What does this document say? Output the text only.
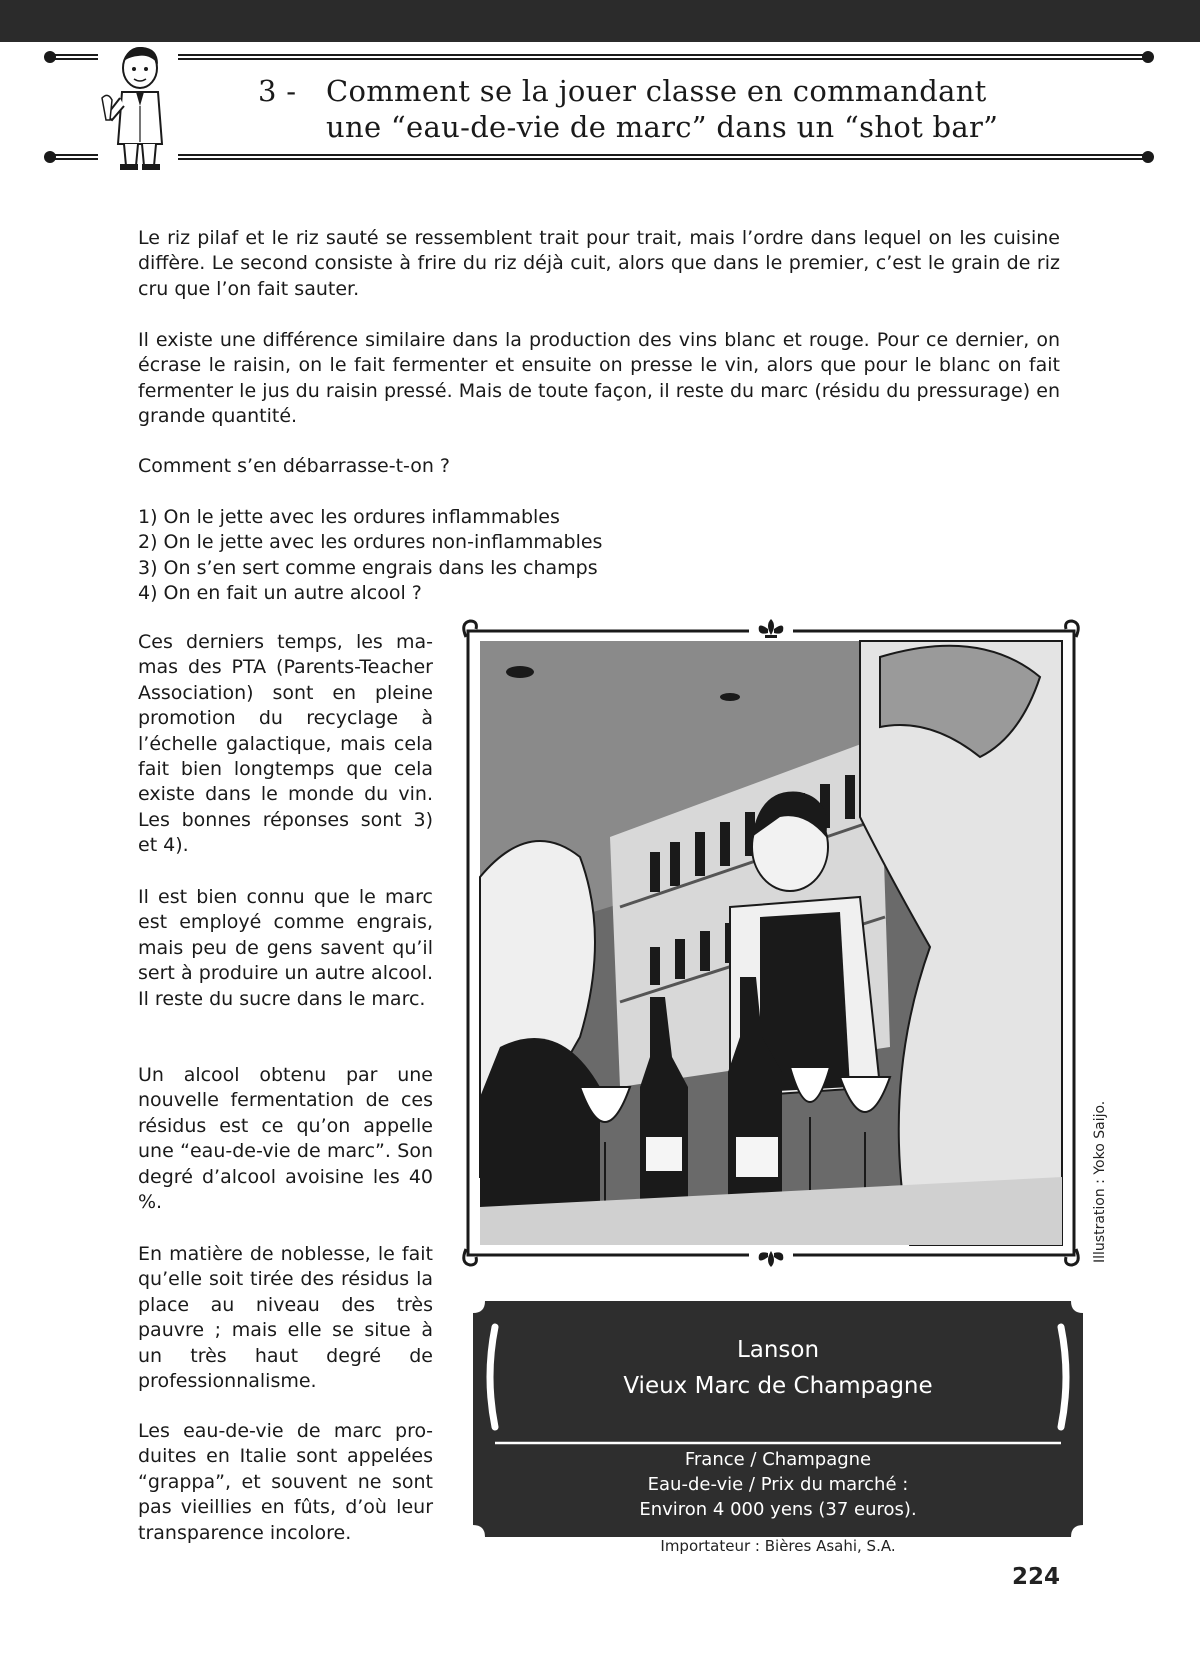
3 - Comment se la jouer classe en commandant
une “eau-de-vie de marc” dans un “shot bar”

Le riz pilaf et le riz sauté se ressemblent trait pour trait, mais l’ordre dans lequel on les cuisine diffère. Le second consiste à frire du riz déjà cuit, alors que dans le premier, c’est le grain de riz cru que l’on fait sauter.

Il existe une différence similaire dans la production des vins blanc et rouge. Pour ce dernier, on écrase le raisin, on le fait fermenter et ensuite on presse le vin, alors que pour le blanc on fait fermenter le jus du raisin pressé. Mais de toute façon, il reste du marc (résidu du pressurage) en grande quantité.

Comment s’en débarrasse-t-on ?

1) On le jette avec les ordures inflammables
2) On le jette avec les ordures non-inflammables
3) On s’en sert comme engrais dans les champs
4) On en fait un autre alcool ?

Ces derniers temps, les mamas des PTA (Parents-Teacher Association) sont en pleine promotion du recyclage à l’échelle galactique, mais cela fait bien longtemps que cela existe dans le monde du vin. Les bonnes réponses sont 3) et 4).

Il est bien connu que le marc est employé comme engrais, mais peu de gens savent qu’il sert à produire un autre alcool. Il reste du sucre dans le marc.

Un alcool obtenu par une nouvelle fermentation de ces résidus est ce qu’on appelle une “eau-de-vie de marc”. Son degré d’alcool avoisine les 40 %.

En matière de noblesse, le fait qu’elle soit tirée des résidus la place au niveau des très pauvre ; mais elle se situe à un très haut degré de professionnalisme.

Les eau-de-vie de marc produites en Italie sont appelées “grappa”, et souvent ne sont pas vieillies en fûts, d’où leur transparence incolore.

Illustration : Yoko Saijo.
Lanson
Vieux Marc de Champagne
France / Champagne
Eau-de-vie / Prix du marché :
Environ 4 000 yens (37 euros).
Importateur : Bières Asahi, S.A.
224
